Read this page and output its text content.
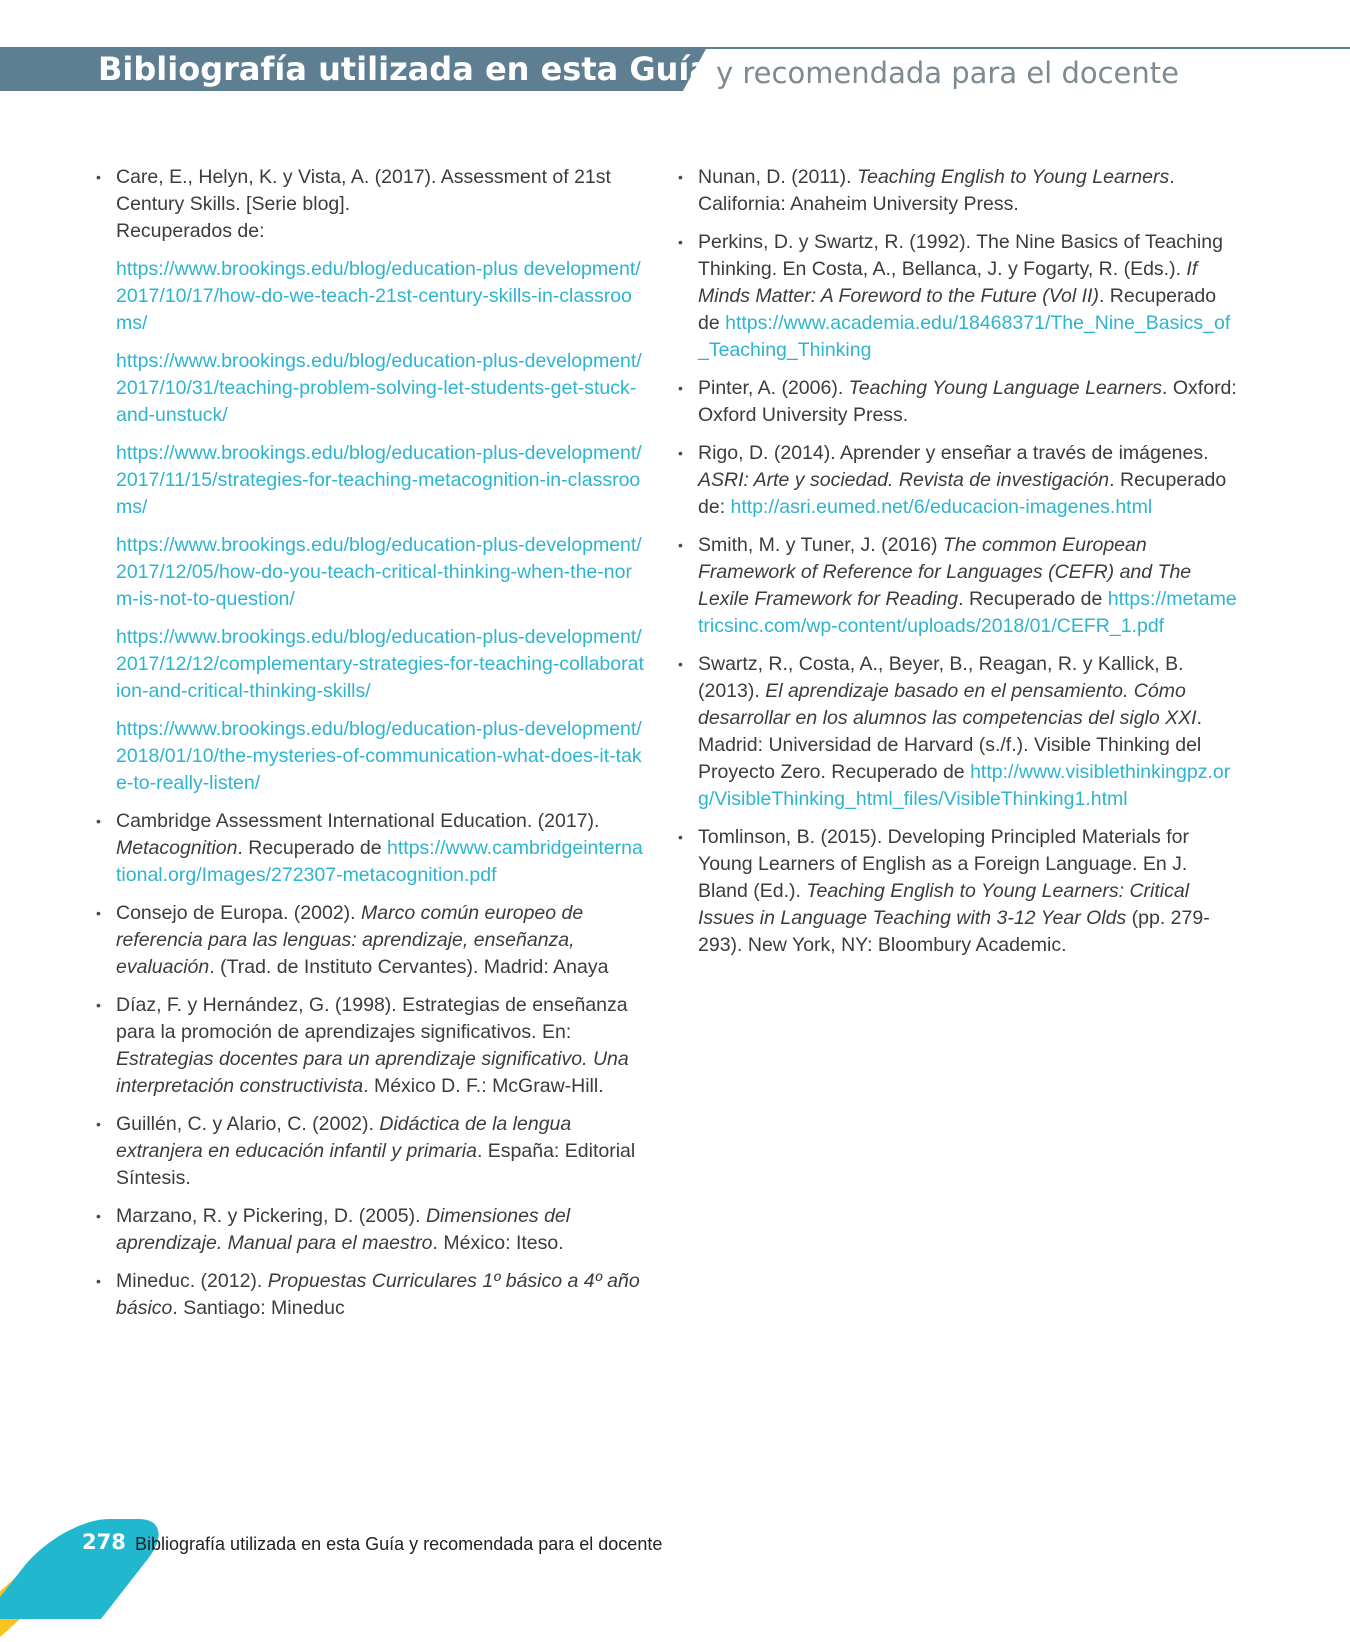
Bibliografía utilizada en esta Guía y recomendada para el docente
• Care, E., Helyn, K. y Vista, A. (2017). Assessment of 21st Century Skills. [Serie blog].
Recuperados de:
https://www.brookings.edu/blog/education-plus development/2017/10/17/how-do-we-teach-21st-century-skills-in-classrooms/
https://www.brookings.edu/blog/education-plus-development/2017/10/31/teaching-problem-solving-let-students-get-stuck-and-unstuck/
https://www.brookings.edu/blog/education-plus-development/2017/11/15/strategies-for-teaching-metacognition-in-classrooms/
https://www.brookings.edu/blog/education-plus-development/2017/12/05/how-do-you-teach-critical-thinking-when-the-norm-is-not-to-question/
https://www.brookings.edu/blog/education-plus-development/2017/12/12/complementary-strategies-for-teaching-collaboration-and-critical-thinking-skills/
https://www.brookings.edu/blog/education-plus-development/2018/01/10/the-mysteries-of-communication-what-does-it-take-to-really-listen/
• Cambridge Assessment International Education. (2017). Metacognition. Recuperado de https://www.cambridgeinternational.org/Images/272307-metacognition.pdf
• Consejo de Europa. (2002). Marco común europeo de referencia para las lenguas: aprendizaje, enseñanza, evaluación. (Trad. de Instituto Cervantes). Madrid: Anaya
• Díaz, F. y Hernández, G. (1998). Estrategias de enseñanza para la promoción de aprendizajes significativos. En: Estrategias docentes para un aprendizaje significativo. Una interpretación constructivista. México D. F.: McGraw-Hill.
• Guillén, C. y Alario, C. (2002). Didáctica de la lengua extranjera en educación infantil y primaria. España: Editorial Síntesis.
• Marzano, R. y Pickering, D. (2005). Dimensiones del aprendizaje. Manual para el maestro. México: Iteso.
• Mineduc. (2012). Propuestas Curriculares 1º básico a 4º año básico. Santiago: Mineduc
• Nunan, D. (2011). Teaching English to Young Learners. California: Anaheim University Press.
• Perkins, D. y Swartz, R. (1992). The Nine Basics of Teaching Thinking. En Costa, A., Bellanca, J. y Fogarty, R. (Eds.). If Minds Matter: A Foreword to the Future (Vol II). Recuperado de https://www.academia.edu/18468371/The_Nine_Basics_of_Teaching_Thinking
• Pinter, A. (2006). Teaching Young Language Learners. Oxford: Oxford University Press.
• Rigo, D. (2014). Aprender y enseñar a través de imágenes. ASRI: Arte y sociedad. Revista de investigación. Recuperado de: http://asri.eumed.net/6/educacion-imagenes.html
• Smith, M. y Tuner, J. (2016) The common European Framework of Reference for Languages (CEFR) and The Lexile Framework for Reading. Recuperado de https://metametricsinc.com/wp-content/uploads/2018/01/CEFR_1.pdf
• Swartz, R., Costa, A., Beyer, B., Reagan, R. y Kallick, B. (2013). El aprendizaje basado en el pensamiento. Cómo desarrollar en los alumnos las competencias del siglo XXI. Madrid: Universidad de Harvard (s./f.). Visible Thinking del Proyecto Zero. Recuperado de http://www.visiblethinkingpz.org/VisibleThinking_html_files/VisibleThinking1.html
• Tomlinson, B. (2015). Developing Principled Materials for Young Learners of English as a Foreign Language. En J. Bland (Ed.). Teaching English to Young Learners: Critical Issues in Language Teaching with 3-12 Year Olds (pp. 279-293). New York, NY: Bloombury Academic.
278 Bibliografía utilizada en esta Guía y recomendada para el docente
